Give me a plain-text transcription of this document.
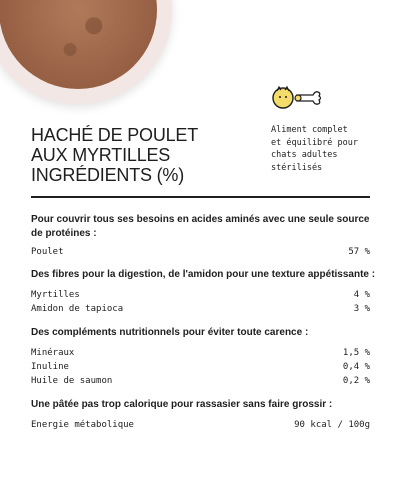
HACHÉ DE POULET
AUX MYRTILLES
INGRÉDIENTS (%)
Aliment complet
et équilibré pour
chats adultes
stérilisés
Pour couvrir tous ses besoins en acides aminés avec une seule source de protéines :
Poulet	57 %
Des fibres pour la digestion, de l'amidon pour une texture appétissante :
Myrtilles	4 %
Amidon de tapioca	3 %
Des compléments nutritionnels pour éviter toute carence :
Minéraux	1,5 %
Inuline	0,4 %
Huile de saumon	0,2 %
Une pâtée pas trop calorique pour rassasier sans faire grossir :
Energie métabolique	90 kcal / 100g
